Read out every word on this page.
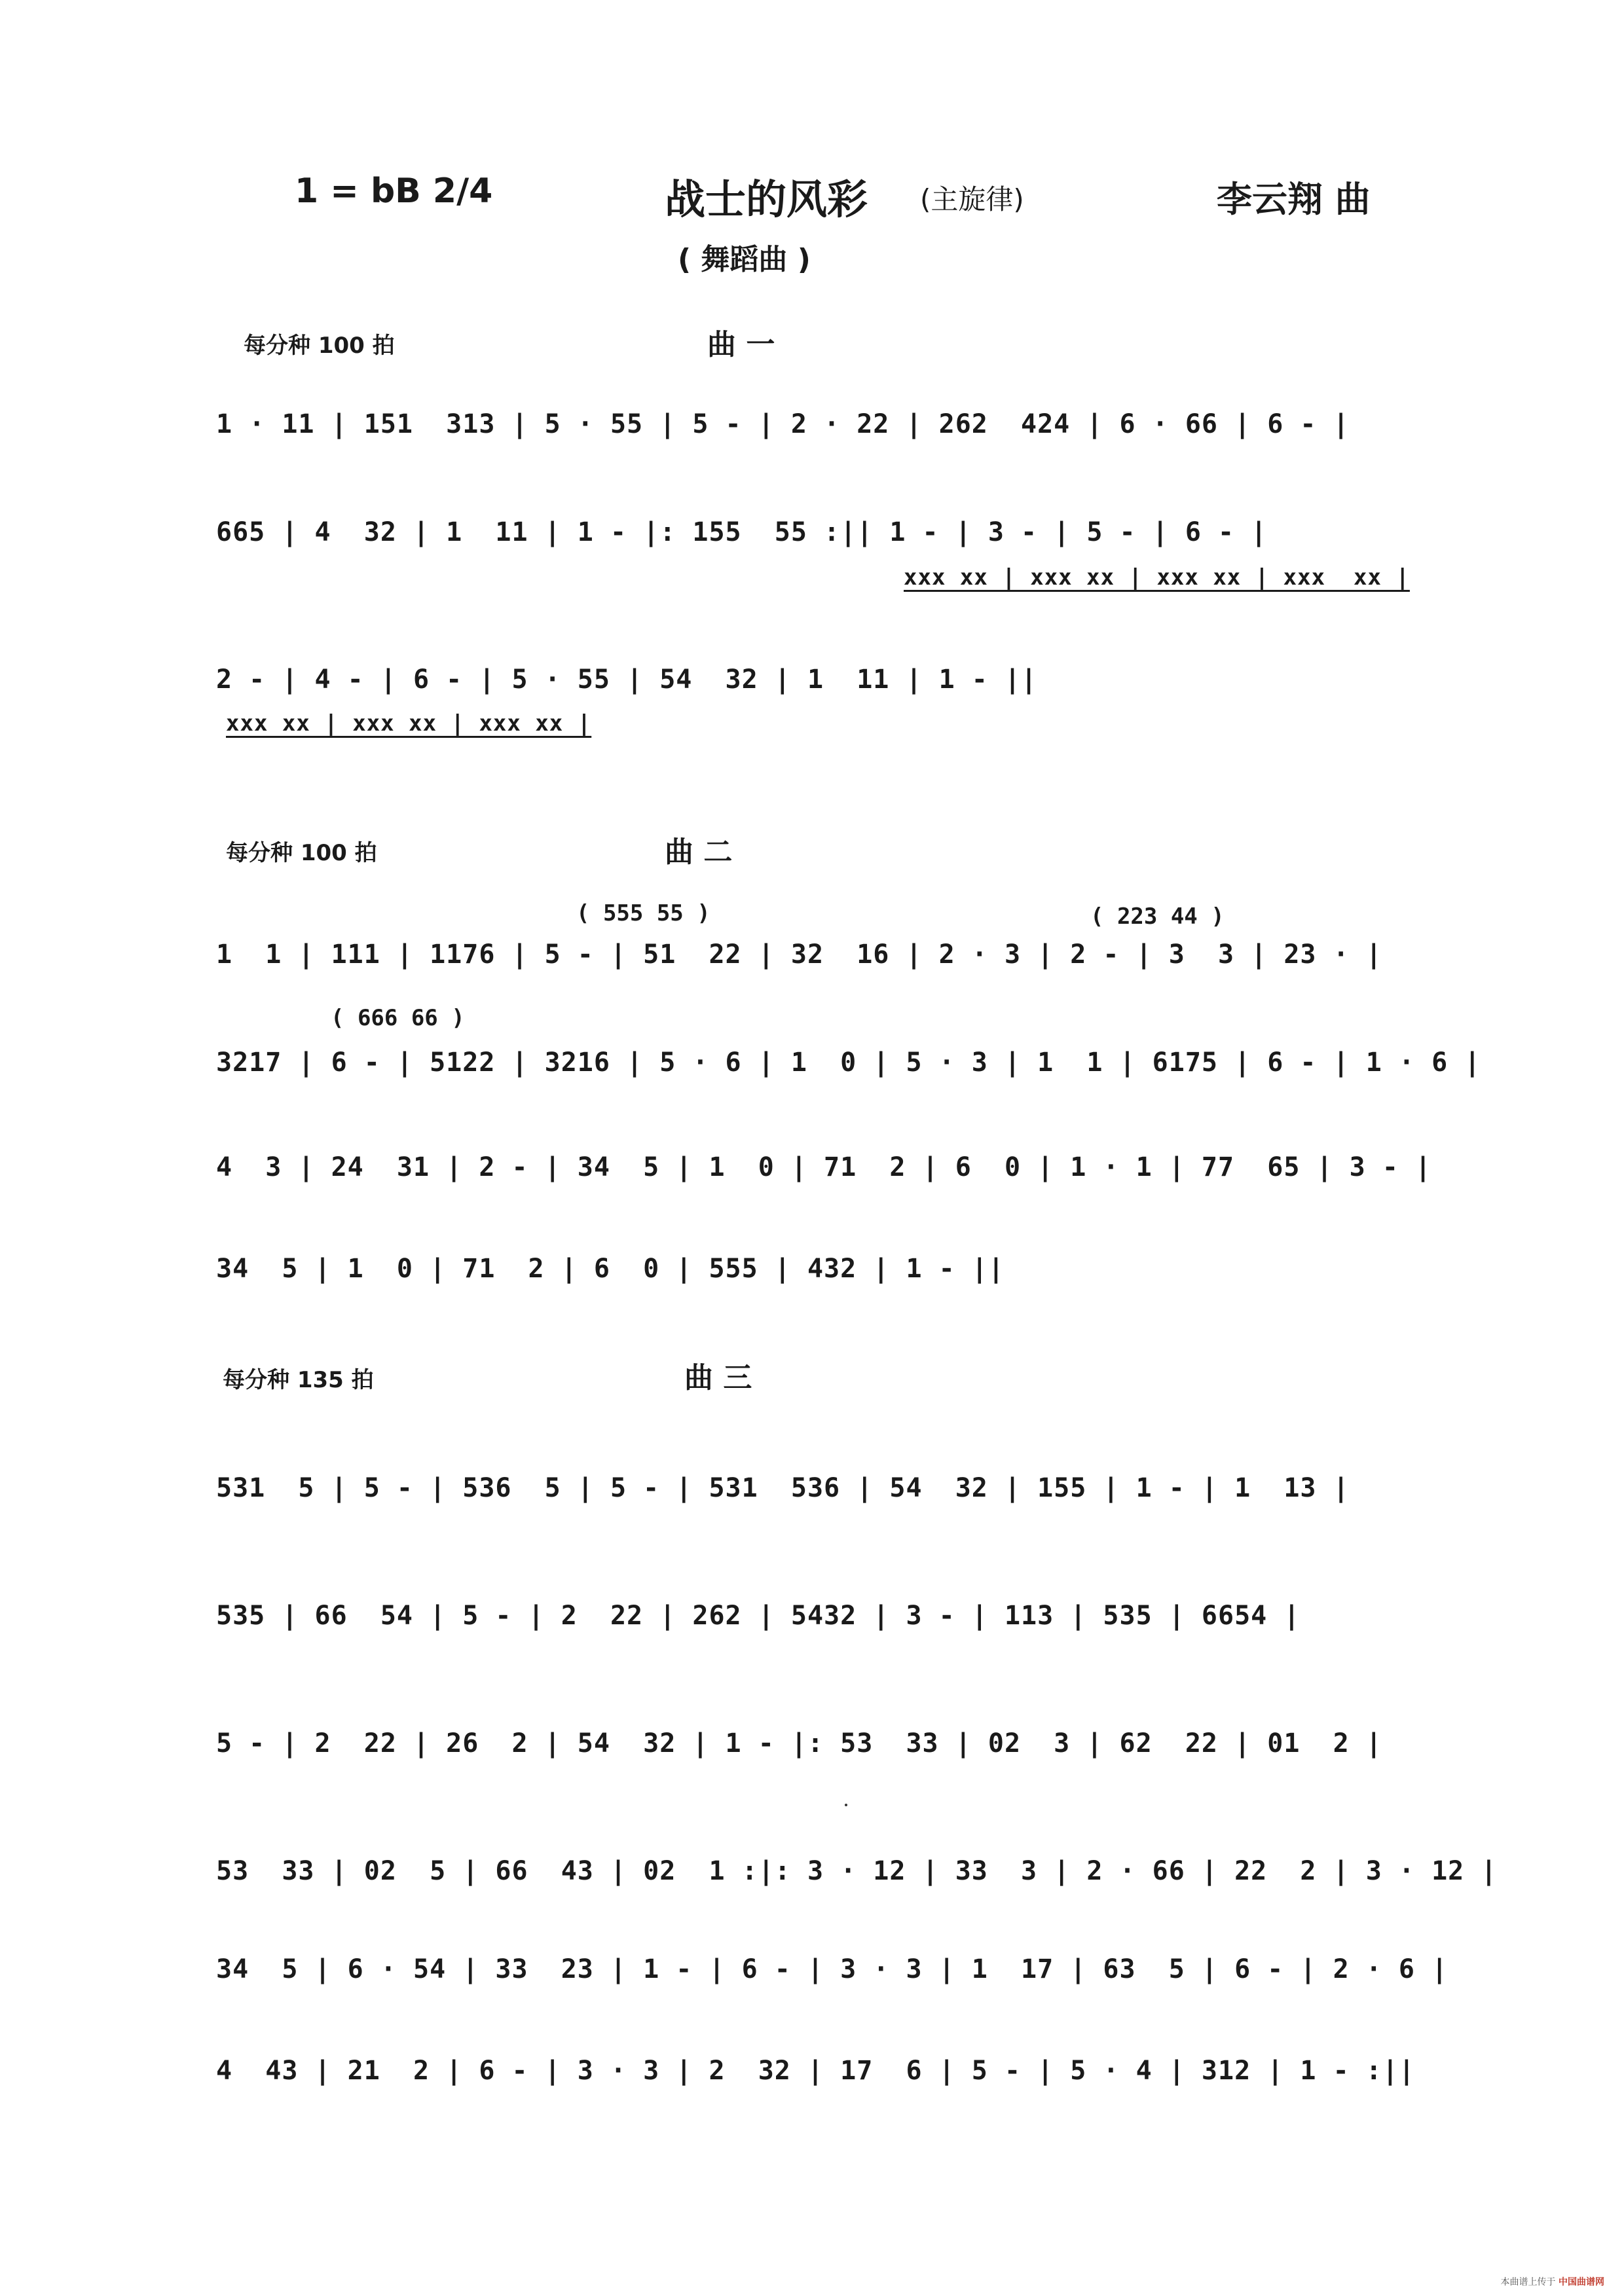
1 = bB 2/4	战士的风彩 (主旋律)	李云翔 曲
( 舞蹈曲 )
每分种 100 拍	曲 一
1 · 11 | 151  313 | 5 · 55 | 5 - | 2 · 22 | 262  424 | 6 · 66 | 6 - |
665 | 4  32 | 1  11 | 1 - |: 155  55 :|| 1 - | 3 - | 5 - | 6 - |
xxx xx | xxx xx | xxx xx | xxx  xx |
2 - | 4 - | 6 - | 5 · 55 | 54  32 | 1  11 | 1 - ||
xxx xx | xxx xx | xxx xx |
每分种 100 拍	曲 二
( 555 55 )	( 223 44 )
1  1 | 111 | 1176 | 5 - | 51  22 | 32  16 | 2 · 3 | 2 - | 3  3 | 23 · |
( 666 66 )
3217 | 6 - | 5122 | 3216 | 5 · 6 | 1  0 | 5 · 3 | 1  1 | 6175 | 6 - | 1 · 6 |
4  3 | 24  31 | 2 - | 34  5 | 1  0 | 71  2 | 6  0 | 1 · 1 | 77  65 | 3 - |
34  5 | 1  0 | 71  2 | 6  0 | 555 | 432 | 1 - ||
每分种 135 拍	曲 三
531  5 | 5 - | 536  5 | 5 - | 531  536 | 54  32 | 155 | 1 - | 1  13 |
535 | 66  54 | 5 - | 2  22 | 262 | 5432 | 3 - | 113 | 535 | 6654 |
5 - | 2  22 | 26  2 | 54  32 | 1 - |: 53  33 | 02  3 | 62  22 | 01  2 |
53  33 | 02  5 | 66  43 | 02  1 :|: 3 · 12 | 33  3 | 2 · 66 | 22  2 | 3 · 12 |
34  5 | 6 · 54 | 33  23 | 1 - | 6 - | 3 · 3 | 1  17 | 63  5 | 6 - | 2 · 6 |
4  43 | 21  2 | 6 - | 3 · 3 | 2  32 | 17  6 | 5 - | 5 · 4 | 312 | 1 - :||
本曲谱上传于 中国曲谱网
